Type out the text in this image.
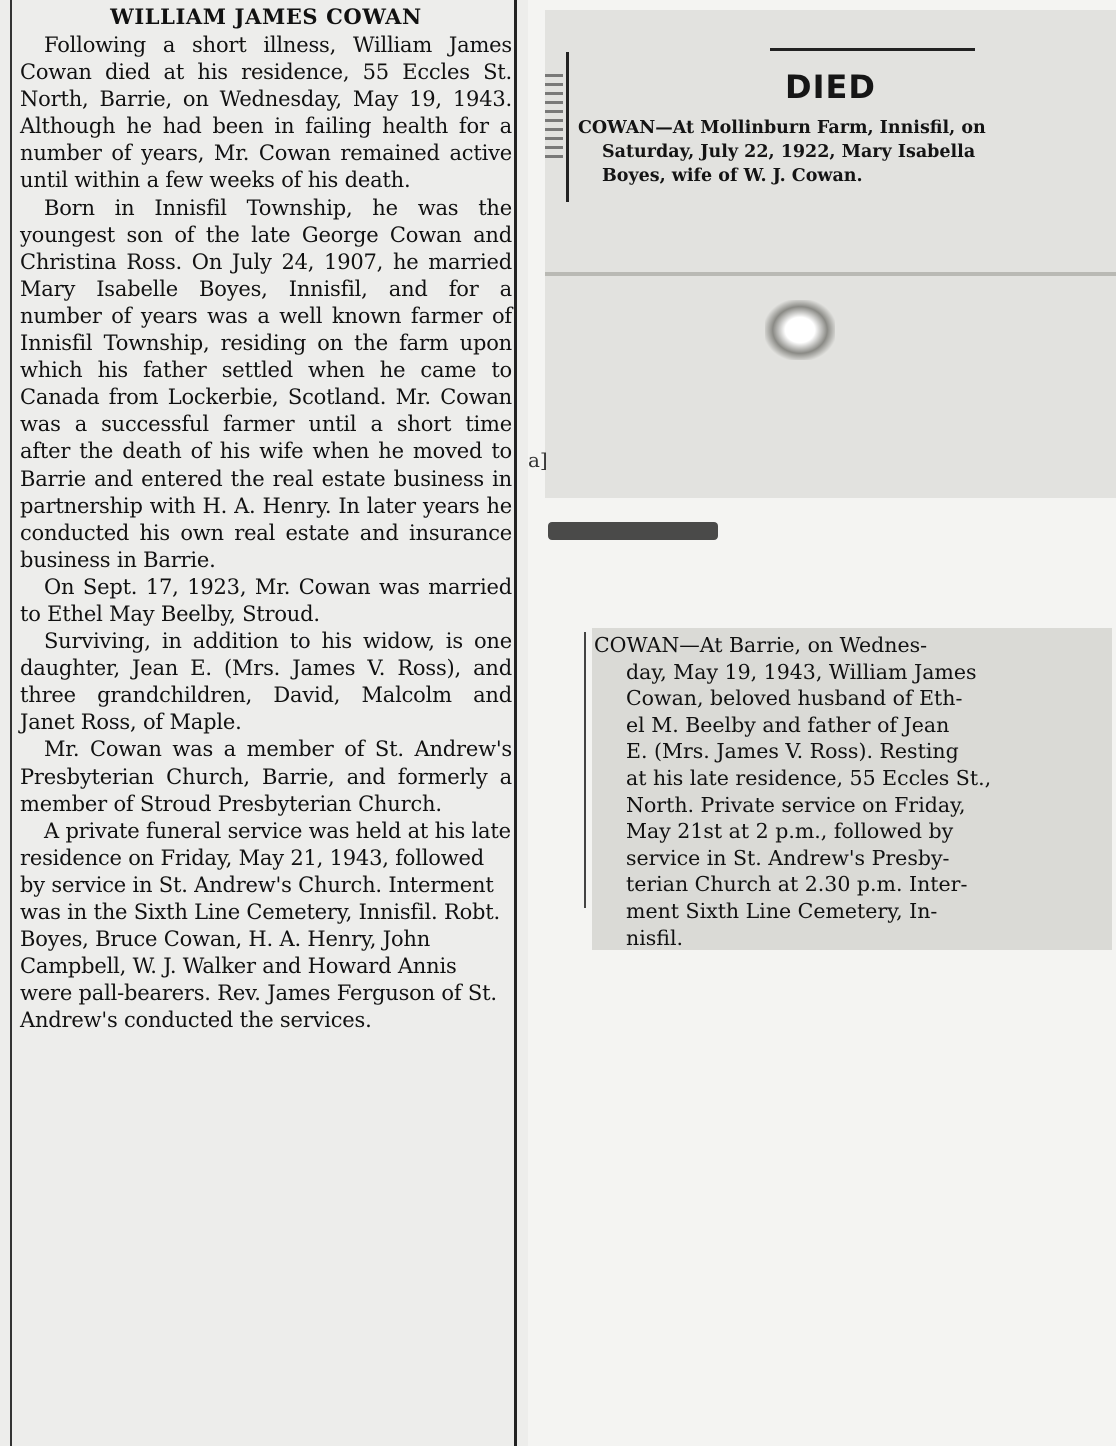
WILLIAM JAMES COWAN

Following a short illness, William James Cowan died at his residence, 55 Eccles St. North, Barrie, on Wednesday, May 19, 1943. Although he had been in failing health for a number of years, Mr. Cowan remained active until within a few weeks of his death.

Born in Innisfil Township, he was the youngest son of the late George Cowan and Christina Ross. On July 24, 1907, he married Mary Isabelle Boyes, Innisfil, and for a number of years was a well known farmer of Innisfil Township, residing on the farm upon which his father settled when he came to Canada from Lockerbie, Scotland. Mr. Cowan was a successful farmer until a short time after the death of his wife when he moved to Barrie and entered the real estate business in partnership with H. A. Henry. In later years he conducted his own real estate and insurance business in Barrie.

On Sept. 17, 1923, Mr. Cowan was married to Ethel May Beelby, Stroud.

Surviving, in addition to his widow, is one daughter, Jean E. (Mrs. James V. Ross), and three grandchildren, David, Malcolm and Janet Ross, of Maple.

Mr. Cowan was a member of St. Andrew's Presbyterian Church, Barrie, and formerly a member of Stroud Presbyterian Church.

A private funeral service was held at his late residence on Friday, May 21, 1943, followed by service in St. Andrew's Church. Interment was in the Sixth Line Cemetery, Innisfil. Robt. Boyes, Bruce Cowan, H. A. Henry, John Campbell, W. J. Walker and Howard Annis were pall-bearers. Rev. James Ferguson of St. Andrew's conducted the services.

DIED
COWAN—At Mollinburn Farm, Innisfil, on
Saturday, July 22, 1922, Mary Isabella
Boyes, wife of W. J. Cowan.
a]
COWAN—At Barrie, on Wednes-
day, May 19, 1943, William James
Cowan, beloved husband of Eth-
el M. Beelby and father of Jean
E. (Mrs. James V. Ross). Resting
at his late residence, 55 Eccles St.,
North. Private service on Friday,
May 21st at 2 p.m., followed by
service in St. Andrew's Presby-
terian Church at 2.30 p.m. Inter-
ment Sixth Line Cemetery, In-
nisfil.
